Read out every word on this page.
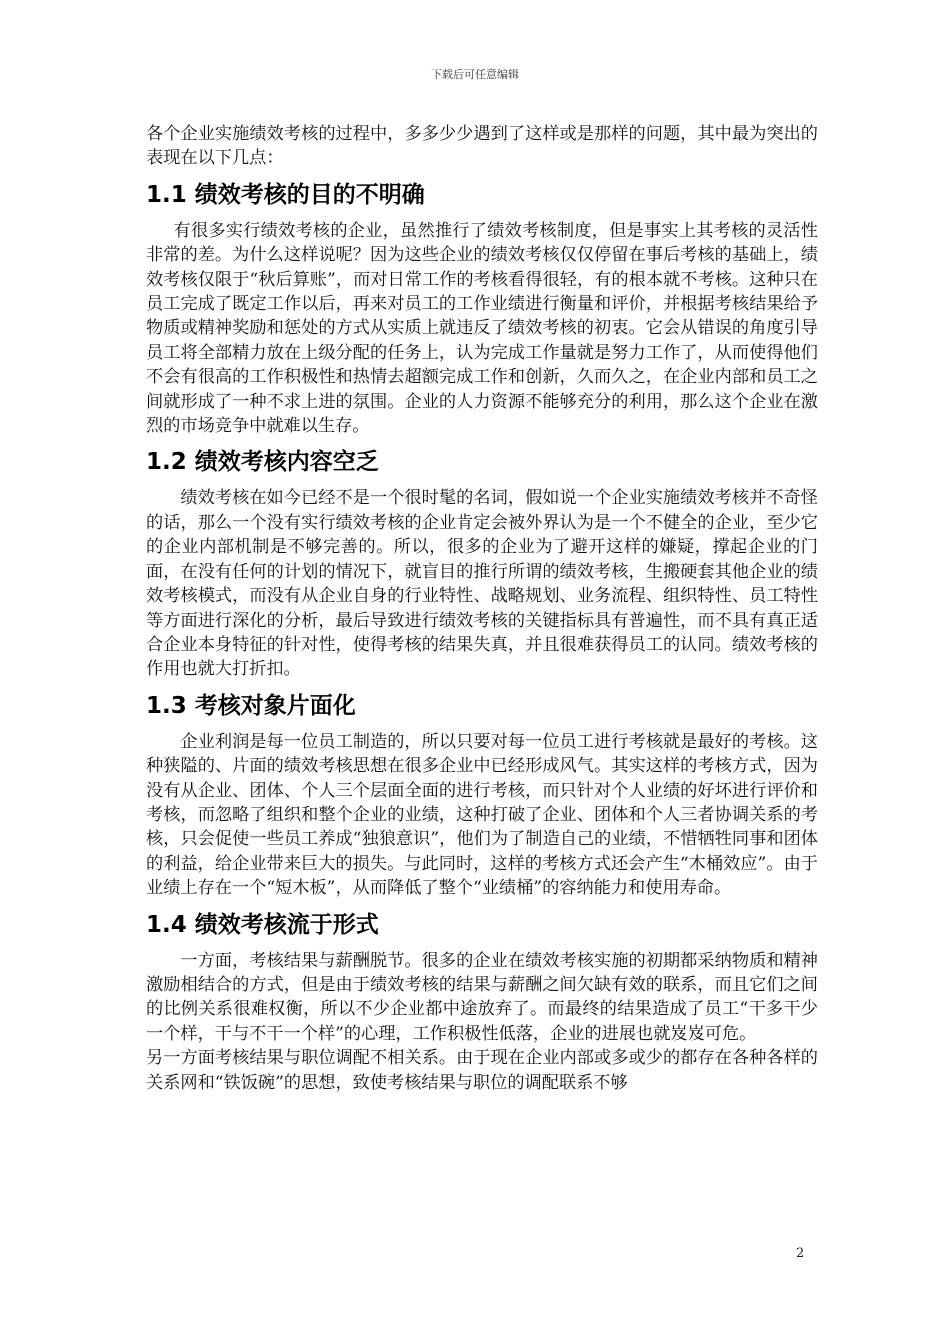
下载后可任意编辑

各个企业实施绩效考核的过程中，多多少少遇到了这样或是那样的问题，其中最为突出的表现在以下几点：

1.1 绩效考核的目的不明确

有很多实行绩效考核的企业，虽然推行了绩效考核制度，但是事实上其考核的灵活性非常的差。为什么这样说呢？因为这些企业的绩效考核仅仅停留在事后考核的基础上，绩效考核仅限于“秋后算账”，而对日常工作的考核看得很轻，有的根本就不考核。这种只在员工完成了既定工作以后，再来对员工的工作业绩进行衡量和评价，并根据考核结果给予物质或精神奖励和惩处的方式从实质上就违反了绩效考核的初衷。它会从错误的角度引导员工将全部精力放在上级分配的任务上，认为完成工作量就是努力工作了，从而使得他们不会有很高的工作积极性和热情去超额完成工作和创新，久而久之，在企业内部和员工之间就形成了一种不求上进的氛围。企业的人力资源不能够充分的利用，那么这个企业在激烈的市场竞争中就难以生存。

1.2 绩效考核内容空乏

绩效考核在如今已经不是一个很时髦的名词，假如说一个企业实施绩效考核并不奇怪的话，那么一个没有实行绩效考核的企业肯定会被外界认为是一个不健全的企业，至少它的企业内部机制是不够完善的。所以，很多的企业为了避开这样的嫌疑，撑起企业的门面，在没有任何的计划的情况下，就盲目的推行所谓的绩效考核，生搬硬套其他企业的绩效考核模式，而没有从企业自身的行业特性、战略规划、业务流程、组织特性、员工特性等方面进行深化的分析，最后导致进行绩效考核的关键指标具有普遍性，而不具有真正适合企业本身特征的针对性，使得考核的结果失真，并且很难获得员工的认同。绩效考核的作用也就大打折扣。

1.3 考核对象片面化

企业利润是每一位员工制造的，所以只要对每一位员工进行考核就是最好的考核。这种狭隘的、片面的绩效考核思想在很多企业中已经形成风气。其实这样的考核方式，因为没有从企业、团体、个人三个层面全面的进行考核，而只针对个人业绩的好坏进行评价和考核，而忽略了组织和整个企业的业绩，这种打破了企业、团体和个人三者协调关系的考核，只会促使一些员工养成“独狼意识”，他们为了制造自己的业绩，不惜牺牲同事和团体的利益，给企业带来巨大的损失。与此同时，这样的考核方式还会产生“木桶效应”。由于业绩上存在一个“短木板”，从而降低了整个“业绩桶”的容纳能力和使用寿命。

1.4 绩效考核流于形式

一方面，考核结果与薪酬脱节。很多的企业在绩效考核实施的初期都采纳物质和精神激励相结合的方式，但是由于绩效考核的结果与薪酬之间欠缺有效的联系，而且它们之间的比例关系很难权衡，所以不少企业都中途放弃了。而最终的结果造成了员工“干多干少一个样，干与不干一个样”的心理，工作积极性低落，企业的进展也就岌岌可危。

另一方面考核结果与职位调配不相关系。由于现在企业内部或多或少的都存在各种各样的关系网和“铁饭碗”的思想，致使考核结果与职位的调配联系不够

2
